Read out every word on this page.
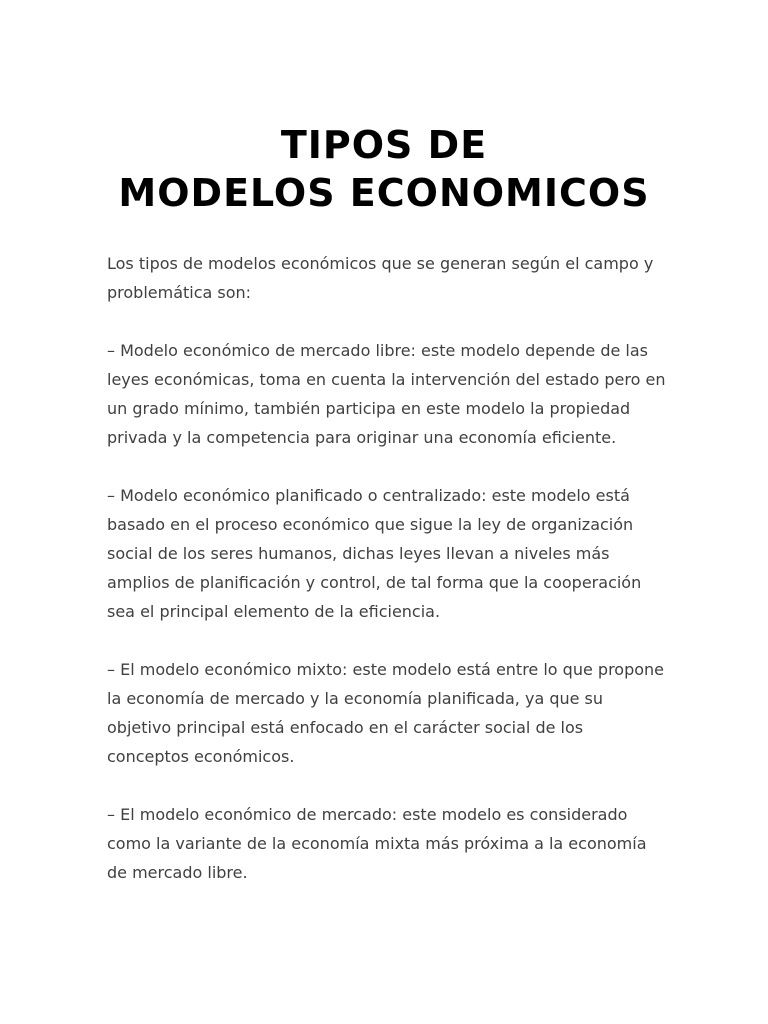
TIPOS DE
MODELOS ECONOMICOS

Los tipos de modelos económicos que se generan según el campo y problemática son:

– Modelo económico de mercado libre: este modelo depende de las leyes económicas, toma en cuenta la intervención del estado pero en un grado mínimo, también participa en este modelo la propiedad privada y la competencia para originar una economía eficiente.

– Modelo económico planificado o centralizado: este modelo está basado en el proceso económico que sigue la ley de organización social de los seres humanos, dichas leyes llevan a niveles más amplios de planificación y control, de tal forma que la cooperación sea el principal elemento de la eficiencia.

– El modelo económico mixto: este modelo está entre lo que propone la economía de mercado y la economía planificada, ya que su objetivo principal está enfocado en el carácter social de los conceptos económicos.

– El modelo económico de mercado: este modelo es considerado como la variante de la economía mixta más próxima a la economía de mercado libre.
